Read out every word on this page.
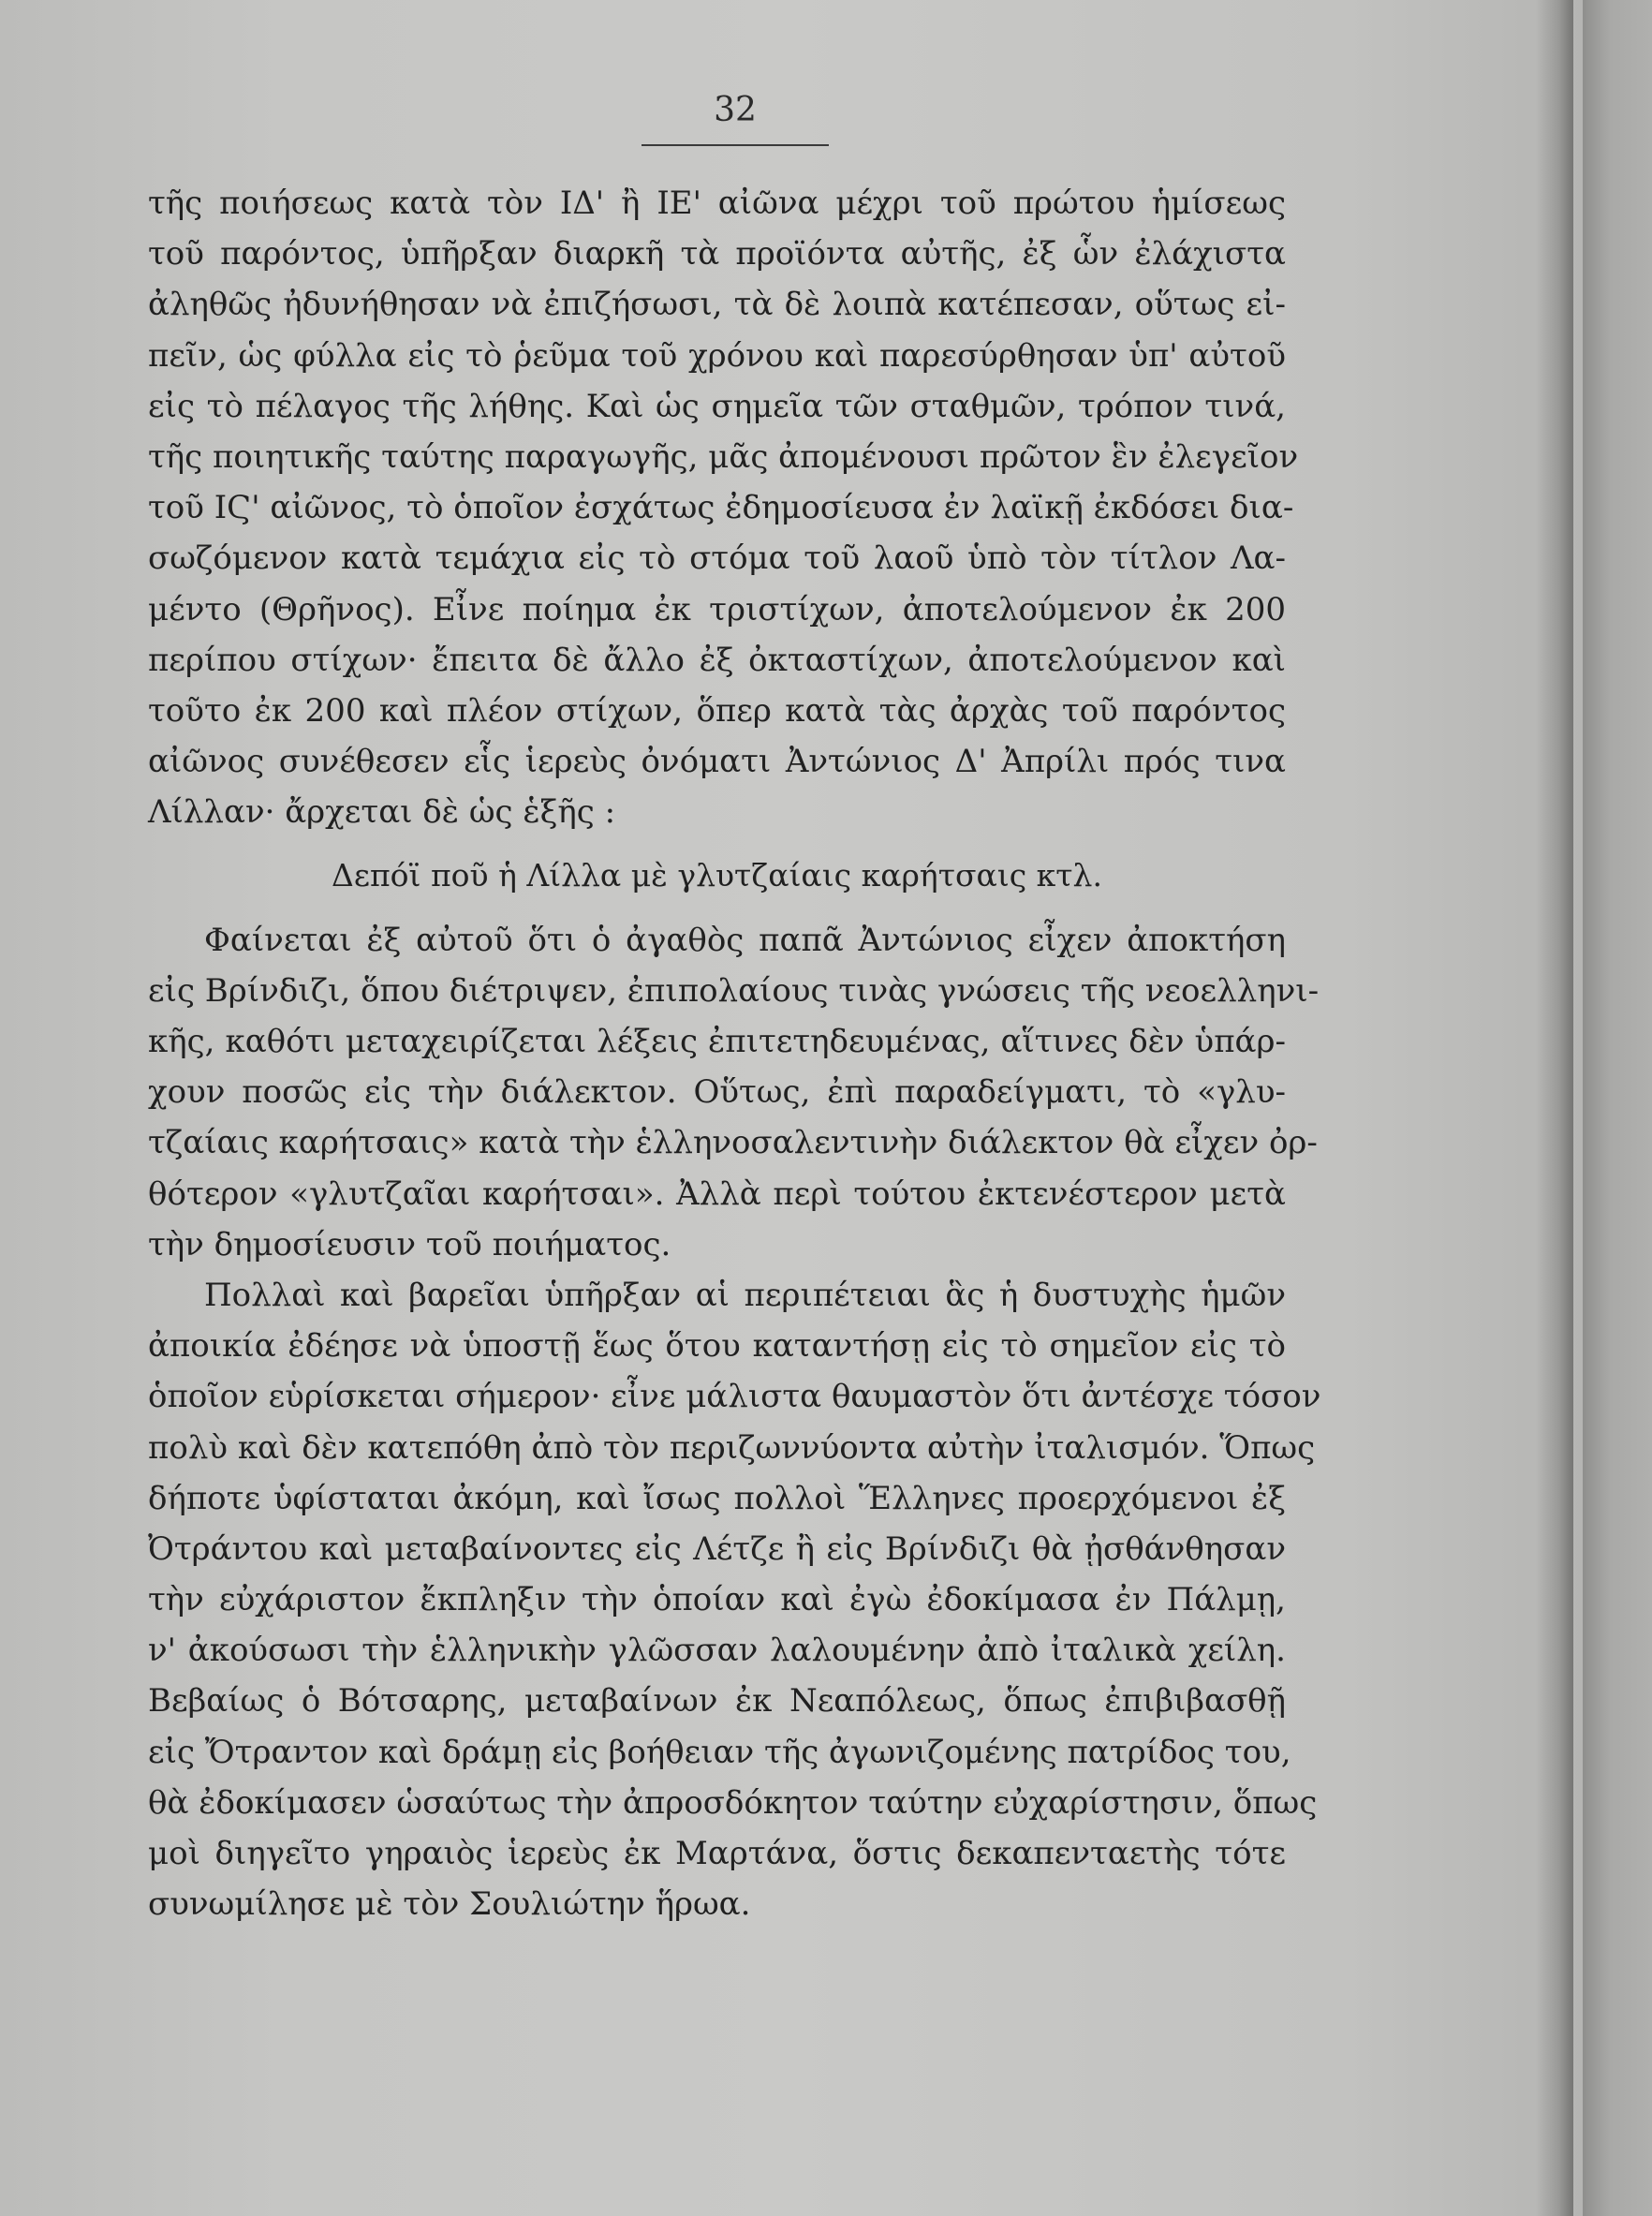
32
τῆς ποιήσεως κατὰ τὸν ΙΔ' ἢ ΙΕ' αἰῶνα μέχρι τοῦ πρώτου ἡμίσεως
τοῦ παρόντος, ὑπῆρξαν διαρκῆ τὰ προϊόντα αὐτῆς, ἐξ ὧν ἐλάχιστα
ἀληθῶς ἠδυνήθησαν νὰ ἐπιζήσωσι, τὰ δὲ λοιπὰ κατέπεσαν, οὕτως εἰ-
πεῖν, ὡς φύλλα εἰς τὸ ῥεῦμα τοῦ χρόνου καὶ παρεσύρθησαν ὑπ' αὐτοῦ
εἰς τὸ πέλαγος τῆς λήθης. Καὶ ὡς σημεῖα τῶν σταθμῶν, τρόπον τινά,
τῆς ποιητικῆς ταύτης παραγωγῆς, μᾶς ἀπομένουσι πρῶτον ἓν ἐλεγεῖον
τοῦ ΙϚ' αἰῶνος, τὸ ὁποῖον ἐσχάτως ἐδημοσίευσα ἐν λαϊκῇ ἐκδόσει δια-
σωζόμενον κατὰ τεμάχια εἰς τὸ στόμα τοῦ λαοῦ ὑπὸ τὸν τίτλον Λα-
μέντο (Θρῆνος). Εἶνε ποίημα ἐκ τριστίχων, ἀποτελούμενον ἐκ 200
περίπου στίχων· ἔπειτα δὲ ἄλλο ἐξ ὀκταστίχων, ἀποτελούμενον καὶ
τοῦτο ἐκ 200 καὶ πλέον στίχων, ὅπερ κατὰ τὰς ἀρχὰς τοῦ παρόντος
αἰῶνος συνέθεσεν εἷς ἱερεὺς ὀνόματι Ἀντώνιος Δ' Ἀπρίλι πρός τινα
Λίλλαν· ἄρχεται δὲ ὡς ἑξῆς :
Δεπόϊ ποῦ ἡ Λίλλα μὲ γλυτζαίαις καρήτσαις κτλ.
Φαίνεται ἐξ αὐτοῦ ὅτι ὁ ἀγαθὸς παπᾶ Ἀντώνιος εἶχεν ἀποκτήση
εἰς Βρίνδιζι, ὅπου διέτριψεν, ἐπιπολαίους τινὰς γνώσεις τῆς νεοελληνι-
κῆς, καθότι μεταχειρίζεται λέξεις ἐπιτετηδευμένας, αἵτινες δὲν ὑπάρ-
χουν ποσῶς εἰς τὴν διάλεκτον. Οὕτως, ἐπὶ παραδείγματι, τὸ «γλυ-
τζαίαις καρήτσαις» κατὰ τὴν ἑλληνοσαλεντινὴν διάλεκτον θὰ εἶχεν ὀρ-
θότερον «γλυτζαῖαι καρήτσαι». Ἀλλὰ περὶ τούτου ἐκτενέστερον μετὰ
τὴν δημοσίευσιν τοῦ ποιήματος.
Πολλαὶ καὶ βαρεῖαι ὑπῆρξαν αἱ περιπέτειαι ἃς ἡ δυστυχὴς ἡμῶν
ἀποικία ἐδέησε νὰ ὑποστῇ ἕως ὅτου καταντήσῃ εἰς τὸ σημεῖον εἰς τὸ
ὁποῖον εὑρίσκεται σήμερον· εἶνε μάλιστα θαυμαστὸν ὅτι ἀντέσχε τόσον
πολὺ καὶ δὲν κατεπόθη ἀπὸ τὸν περιζωννύοντα αὐτὴν ἰταλισμόν. Ὅπως
δήποτε ὑφίσταται ἀκόμη, καὶ ἴσως πολλοὶ Ἕλληνες προερχόμενοι ἐξ
Ὀτράντου καὶ μεταβαίνοντες εἰς Λέτζε ἢ εἰς Βρίνδιζι θὰ ᾐσθάνθησαν
τὴν εὐχάριστον ἔκπληξιν τὴν ὁποίαν καὶ ἐγὼ ἐδοκίμασα ἐν Πάλμῃ,
ν' ἀκούσωσι τὴν ἑλληνικὴν γλῶσσαν λαλουμένην ἀπὸ ἰταλικὰ χείλη.
Βεβαίως ὁ Βότσαρης, μεταβαίνων ἐκ Νεαπόλεως, ὅπως ἐπιβιβασθῇ
εἰς Ὄτραντον καὶ δράμῃ εἰς βοήθειαν τῆς ἀγωνιζομένης πατρίδος του,
θὰ ἐδοκίμασεν ὡσαύτως τὴν ἀπροσδόκητον ταύτην εὐχαρίστησιν, ὅπως
μοὶ διηγεῖτο γηραιὸς ἱερεὺς ἐκ Μαρτάνα, ὅστις δεκαπενταετὴς τότε
συνωμίλησε μὲ τὸν Σουλιώτην ἥρωα.
